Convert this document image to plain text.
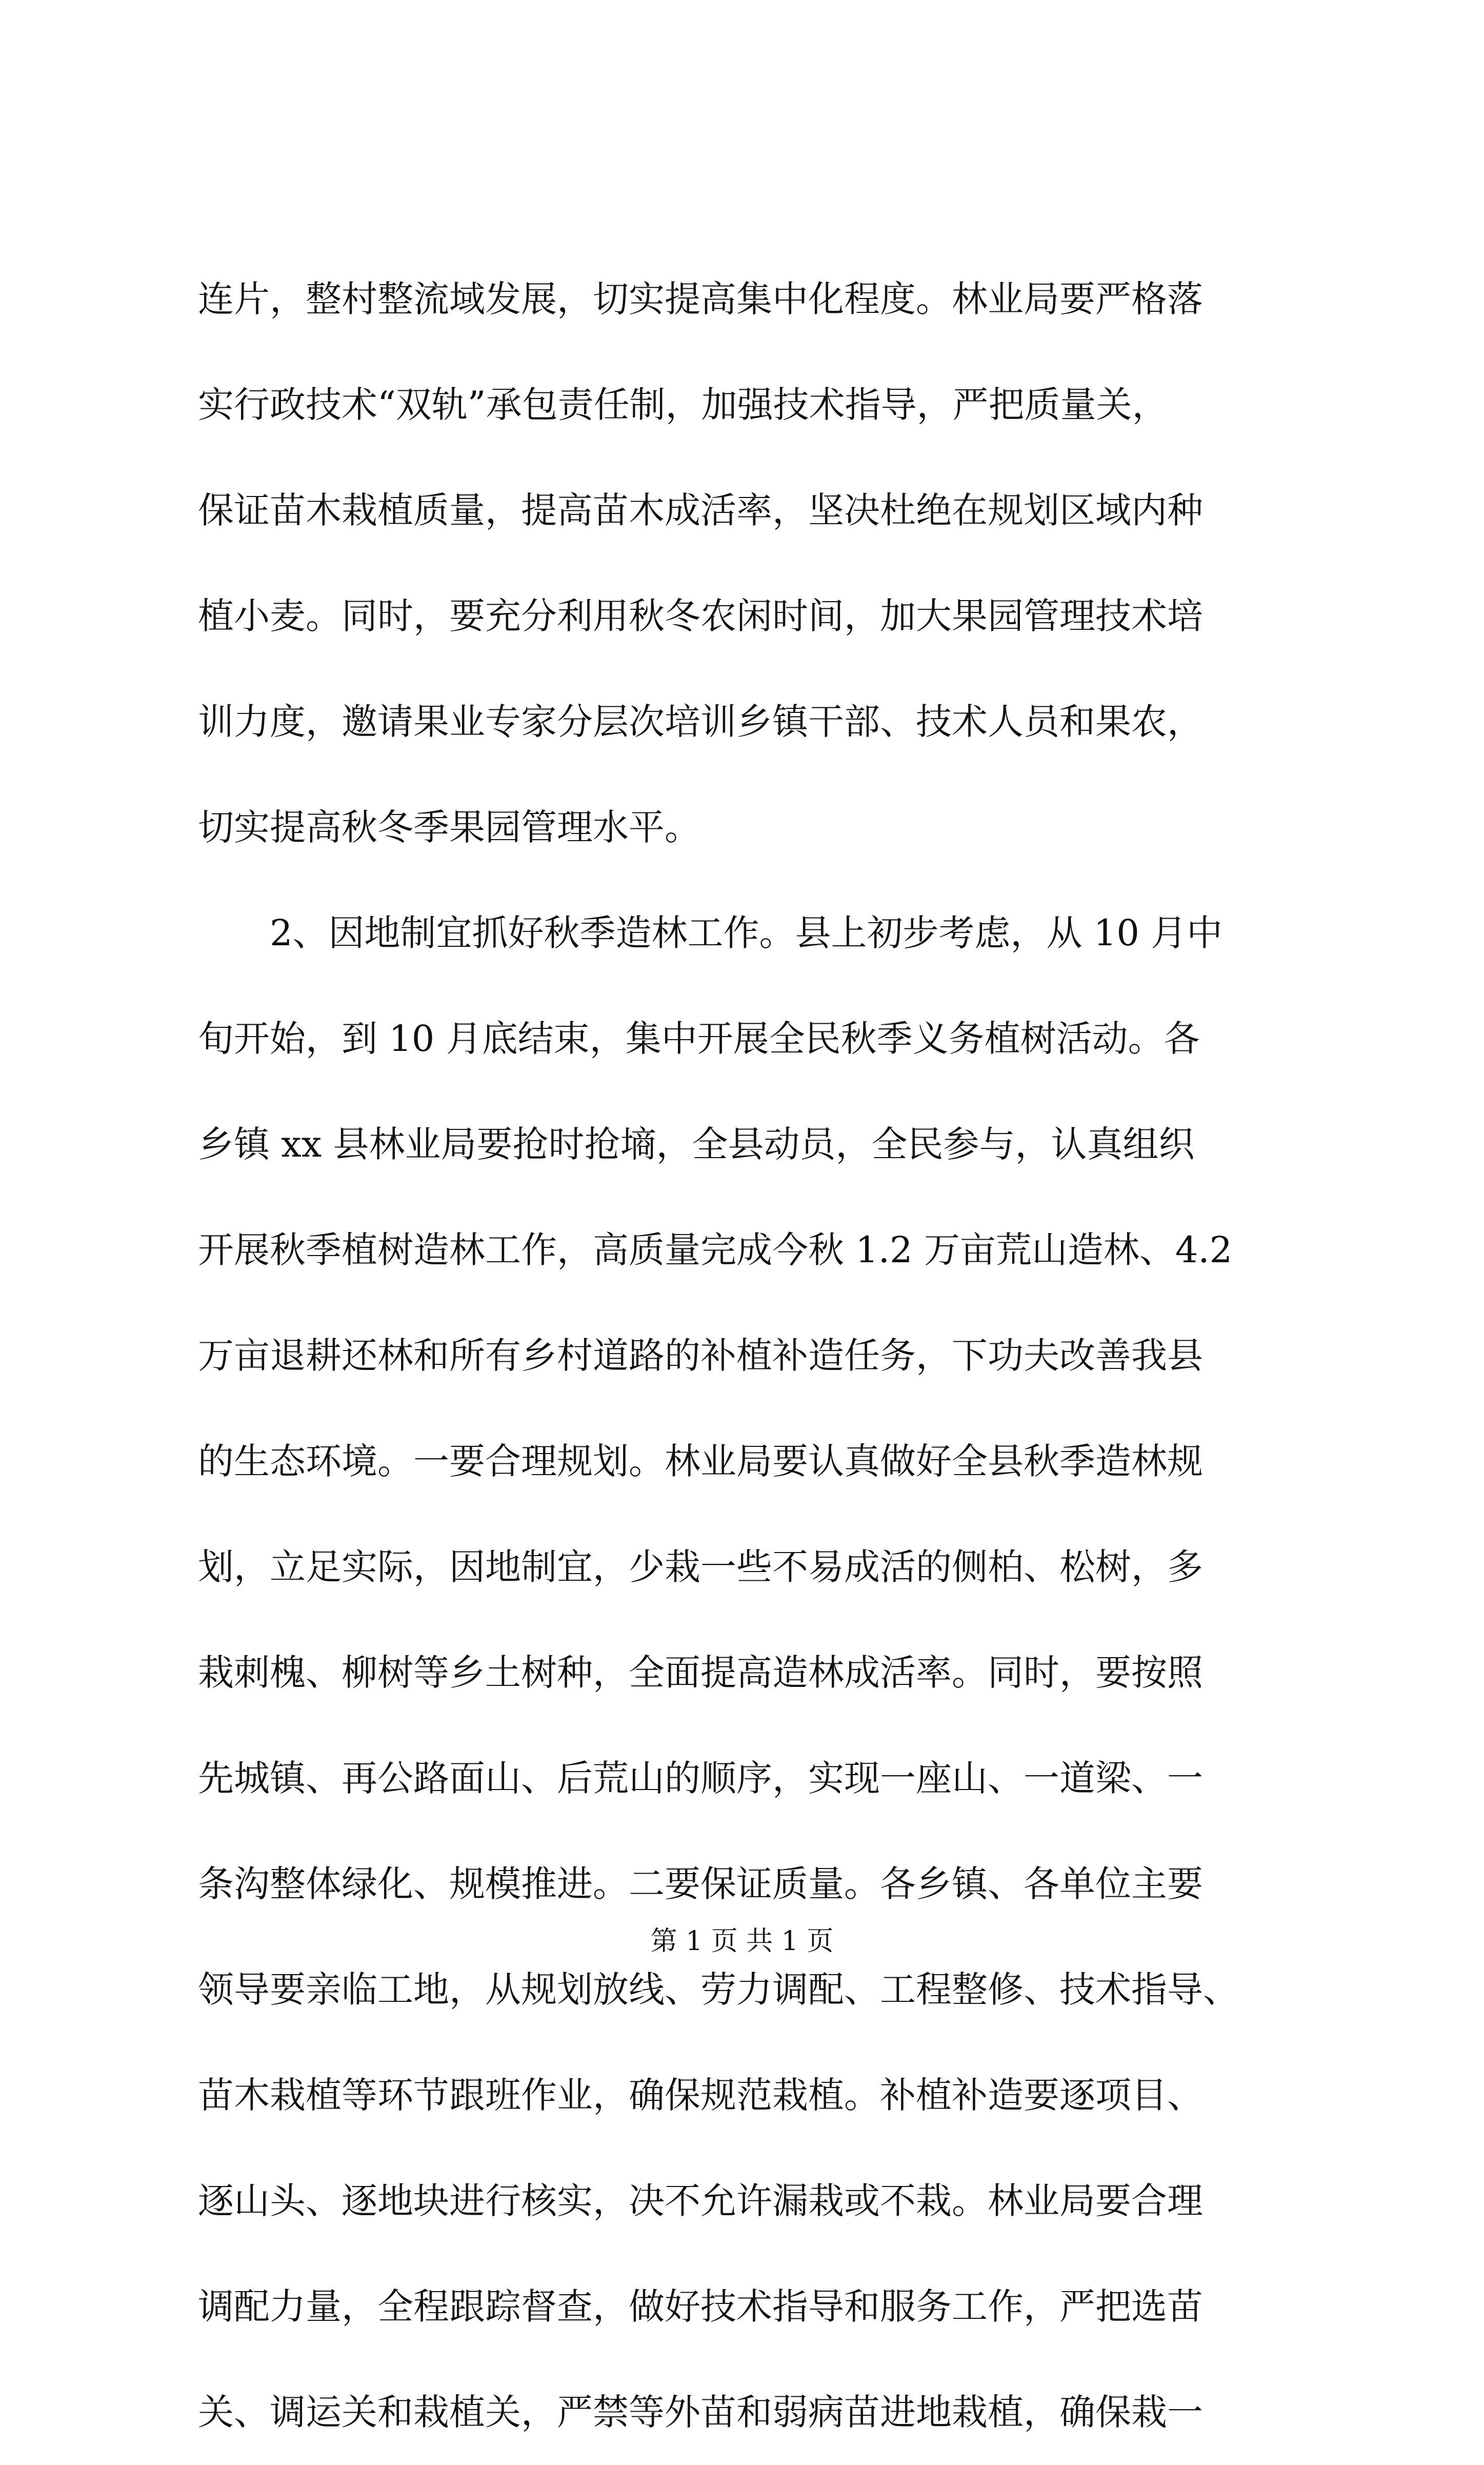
连片，整村整流域发展，切实提高集中化程度。林业局要严格落
实行政技术“双轨”承包责任制，加强技术指导，严把质量关，
保证苗木栽植质量，提高苗木成活率，坚决杜绝在规划区域内种
植小麦。同时，要充分利用秋冬农闲时间，加大果园管理技术培
训力度，邀请果业专家分层次培训乡镇干部、技术人员和果农，
切实提高秋冬季果园管理水平。
　　2、因地制宜抓好秋季造林工作。县上初步考虑，从 10 月中
旬开始，到 10 月底结束，集中开展全民秋季义务植树活动。各
乡镇 xx 县林业局要抢时抢墒，全县动员，全民参与，认真组织
开展秋季植树造林工作，高质量完成今秋 1.2 万亩荒山造林、4.2
万亩退耕还林和所有乡村道路的补植补造任务，下功夫改善我县
的生态环境。一要合理规划。林业局要认真做好全县秋季造林规
划，立足实际，因地制宜，少栽一些不易成活的侧柏、松树，多
栽刺槐、柳树等乡土树种，全面提高造林成活率。同时，要按照
先城镇、再公路面山、后荒山的顺序，实现一座山、一道梁、一
条沟整体绿化、规模推进。二要保证质量。各乡镇、各单位主要
领导要亲临工地，从规划放线、劳力调配、工程整修、技术指导、
苗木栽植等环节跟班作业，确保规范栽植。补植补造要逐项目、
逐山头、逐地块进行核实，决不允许漏栽或不栽。林业局要合理
调配力量，全程跟踪督查，做好技术指导和服务工作，严把选苗
关、调运关和栽植关，严禁等外苗和弱病苗进地栽植，确保栽一
第 1 页 共 1 页
